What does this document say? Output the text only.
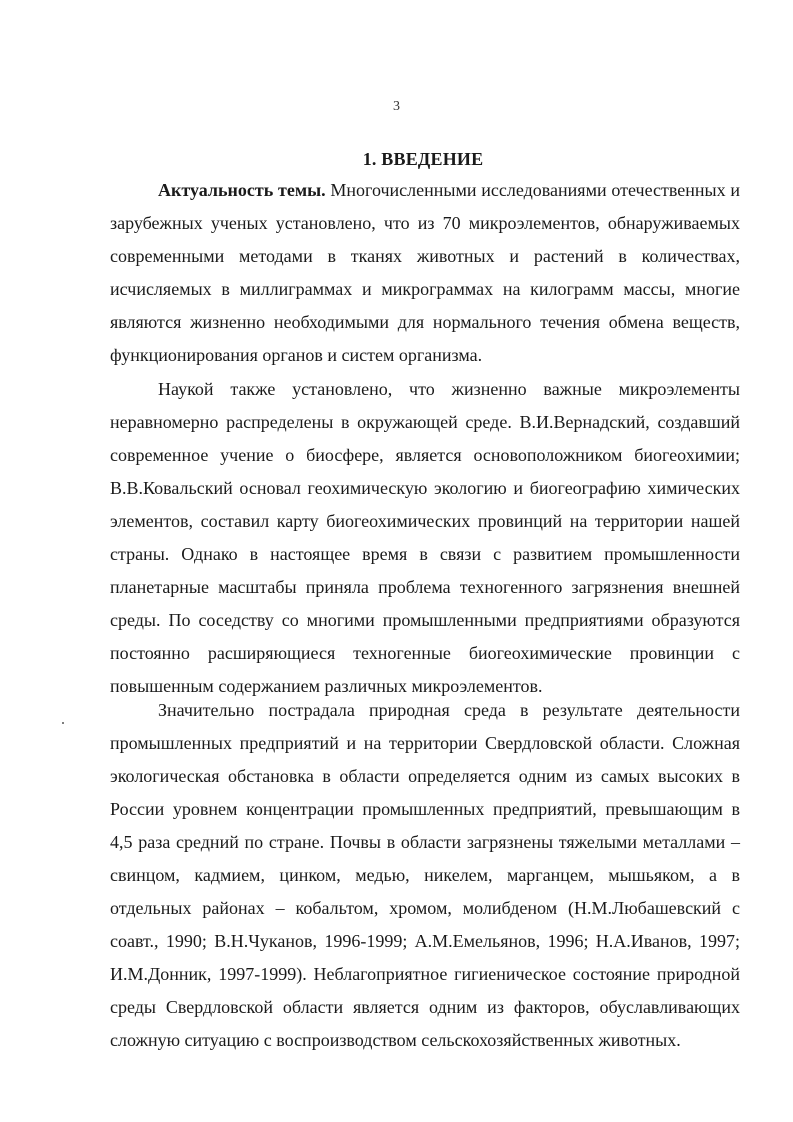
3
1. ВВЕДЕНИЕ

Актуальность темы. Многочисленными исследованиями отечественных и зарубежных ученых установлено, что из 70 микроэлементов, обнаруживаемых современными методами в тканях животных и растений в количествах, исчисляемых в миллиграммах и микрограммах на килограмм массы, многие являются жизненно необходимыми для нормального течения обмена веществ, функционирования органов и систем организма.

Наукой также установлено, что жизненно важные микроэлементы неравномерно распределены в окружающей среде. В.И.Вернадский, создавший современное учение о биосфере, является основоположником биогеохимии; В.В.Ковальский основал геохимическую экологию и биогеографию химических элементов, составил карту биогеохимических провинций на территории нашей страны. Однако в настоящее время в связи с развитием промышленности планетарные масштабы приняла проблема техногенного загрязнения внешней среды. По соседству со многими промышленными предприятиями образуются постоянно расширяющиеся техногенные биогеохимические провинции с повышенным содержанием различных микроэлементов.

Значительно пострадала природная среда в результате деятельности промышленных предприятий и на территории Свердловской области. Сложная экологическая обстановка в области определяется одним из самых высоких в России уровнем концентрации промышленных предприятий, превышающим в 4,5 раза средний по стране. Почвы в области загрязнены тяжелыми металлами – свинцом, кадмием, цинком, медью, никелем, марганцем, мышьяком, а в отдельных районах – кобальтом, хромом, молибденом (Н.М.Любашевский с соавт., 1990; В.Н.Чуканов, 1996-1999; А.М.Емельянов, 1996; Н.А.Иванов, 1997; И.М.Донник, 1997-1999). Неблагоприятное гигиеническое состояние природной среды Свердловской области является одним из факторов, обуславливающих сложную ситуацию с воспроизводством сельскохозяйственных животных.
